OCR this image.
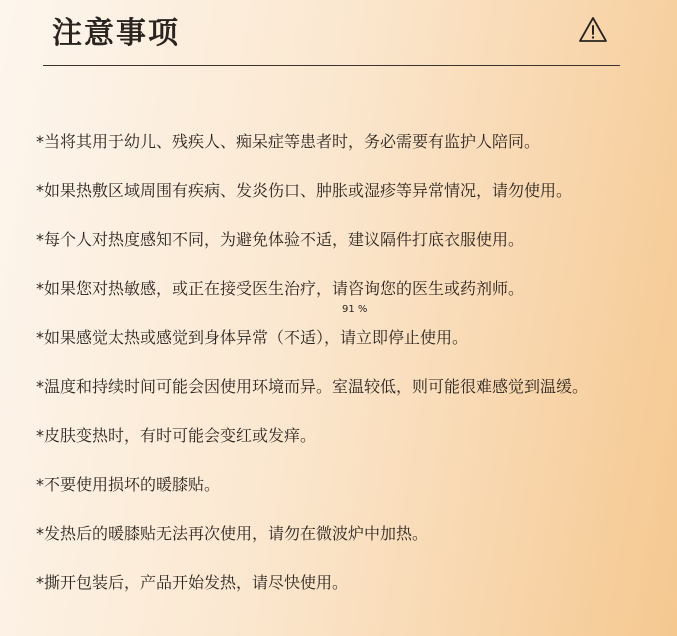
注意事项
*当将其用于幼儿、残疾人、痴呆症等患者时，务必需要有监护人陪同。
*如果热敷区域周围有疾病、发炎伤口、肿胀或湿疹等异常情况，请勿使用。
*每个人对热度感知不同，为避免体验不适，建议隔件打底衣服使用。
*如果您对热敏感，或正在接受医生治疗，请咨询您的医生或药剂师。
*如果感觉太热或感觉到身体异常（不适），请立即停止使用。
*温度和持续时间可能会因使用环境而异。室温较低，则可能很难感觉到温缓。
*皮肤变热时，有时可能会变红或发痒。
*不要使用损坏的暖膝贴。
*发热后的暖膝贴无法再次使用，请勿在微波炉中加热。
*撕开包装后，产品开始发热，请尽快使用。
91 %
